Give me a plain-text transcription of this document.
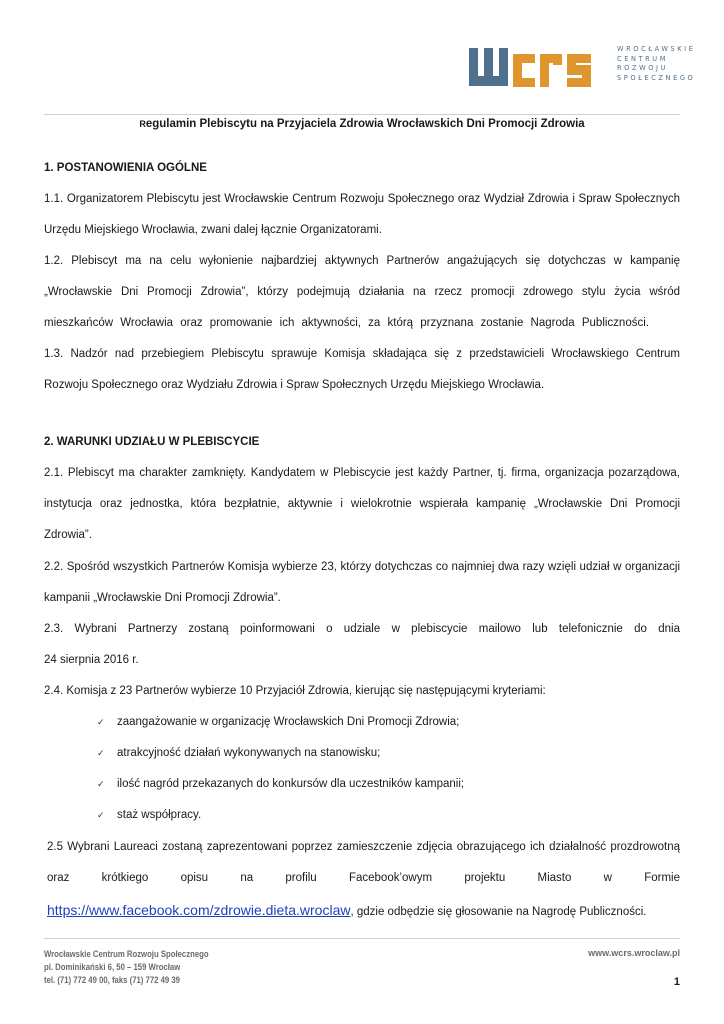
WROCŁAWSKIE
CENTRUM
ROZWOJU
SPOŁECZNEGO
Regulamin Plebiscytu na Przyjaciela Zdrowia Wrocławskich Dni Promocji Zdrowia
1. POSTANOWIENIA OGÓLNE
1.1. Organizatorem Plebiscytu jest Wrocławskie Centrum Rozwoju Społecznego oraz Wydział Zdrowia i Spraw Społecznych
Urzędu Miejskiego Wrocławia, zwani dalej łącznie Organizatorami.
1.2. Plebiscyt ma na celu wyłonienie najbardziej aktywnych Partnerów angażujących się dotychczas w kampanię
„Wrocławskie Dni Promocji Zdrowia”, którzy podejmują działania na rzecz promocji zdrowego stylu życia wśród
mieszkańców Wrocławia oraz promowanie ich aktywności, za którą przyznana zostanie Nagroda Publiczności.
1.3. Nadzór nad przebiegiem Plebiscytu sprawuje Komisja składająca się z przedstawicieli Wrocławskiego Centrum
Rozwoju Społecznego oraz Wydziału Zdrowia i Spraw Społecznych Urzędu Miejskiego Wrocławia.
2. WARUNKI UDZIAŁU W PLEBISCYCIE
2.1. Plebiscyt ma charakter zamknięty. Kandydatem w Plebiscycie jest każdy Partner, tj. firma, organizacja pozarządowa,
instytucja oraz jednostka, która bezpłatnie, aktywnie i wielokrotnie wspierała kampanię „Wrocławskie Dni Promocji
Zdrowia”.
2.2. Spośród wszystkich Partnerów Komisja wybierze 23, którzy dotychczas co najmniej dwa razy wzięli udział w organizacji
kampanii „Wrocławskie Dni Promocji Zdrowia”.
2.3. Wybrani Partnerzy zostaną poinformowani o udziale w plebiscycie mailowo lub telefonicznie do dnia
24 sierpnia 2016 r.
2.4. Komisja z 23 Partnerów wybierze 10 Przyjaciół Zdrowia, kierując się następującymi kryteriami:
✓ zaangażowanie w organizację Wrocławskich Dni Promocji Zdrowia;
✓ atrakcyjność działań wykonywanych na stanowisku;
✓ ilość nagród przekazanych do konkursów dla uczestników kampanii;
✓ staż współpracy.
2.5 Wybrani Laureaci zostaną zaprezentowani poprzez zamieszczenie zdjęcia obrazującego ich działalność prozdrowotną
oraz krótkiego opisu na profilu Facebook’owym projektu Miasto w Formie
https://www.facebook.com/zdrowie.dieta.wroclaw, gdzie odbędzie się głosowanie na Nagrodę Publiczności.
Wrocławskie Centrum Rozwoju Społecznego
pl. Dominikański 6, 50 – 159 Wrocław
tel. (71) 772 49 00, faks (71) 772 49 39
www.wcrs.wroclaw.pl
1
